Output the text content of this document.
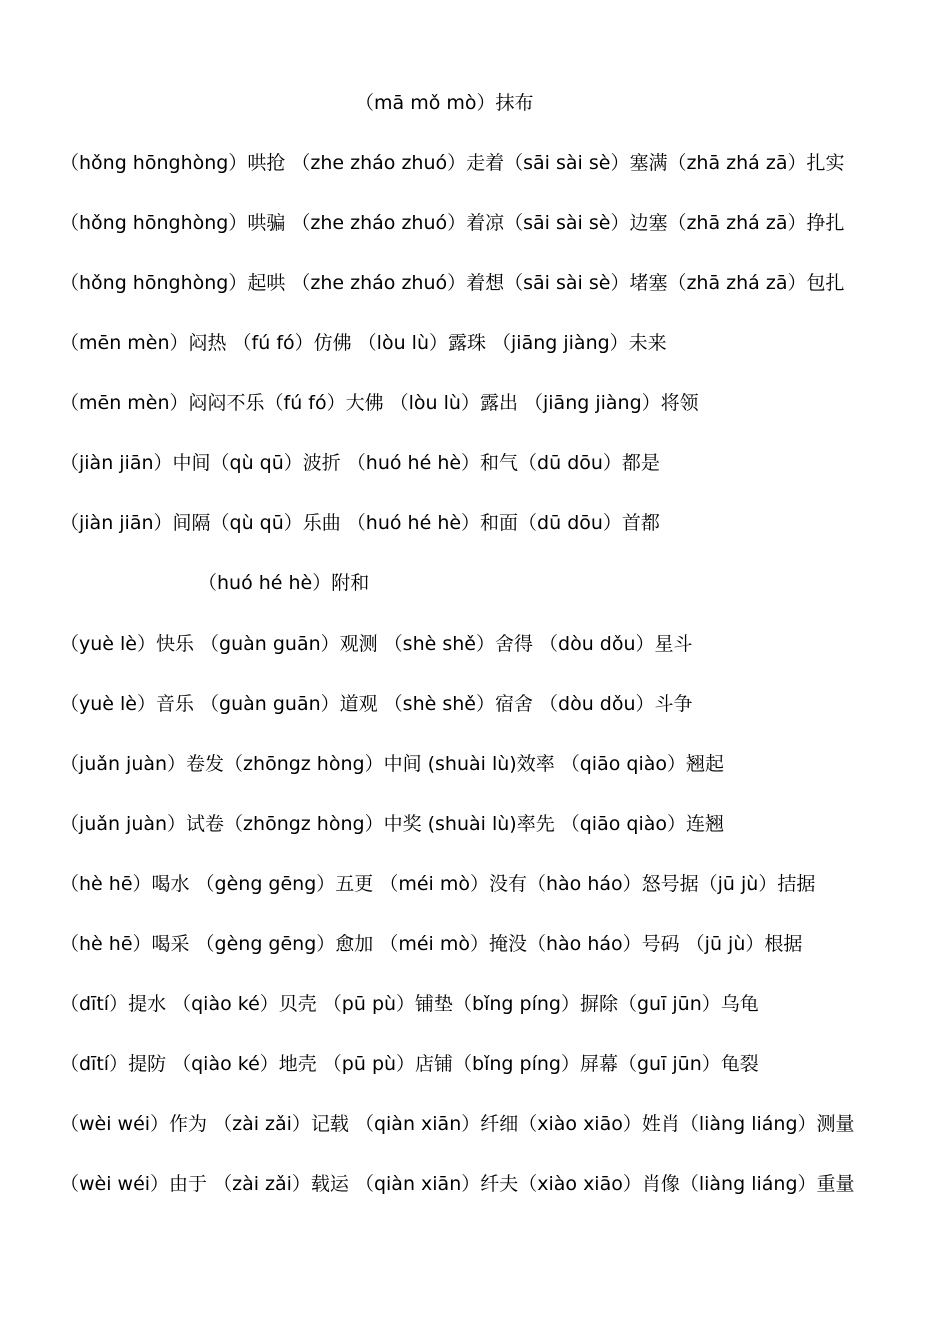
（mā mǒ mò）抹布
（hǒng hōnghòng）哄抢 （zhe zháo zhuó）走着（sāi sài sè）塞满（zhā zhá zā）扎实
（hǒng hōnghòng）哄骗 （zhe zháo zhuó）着凉（sāi sài sè）边塞（zhā zhá zā）挣扎
（hǒng hōnghòng）起哄 （zhe zháo zhuó）着想（sāi sài sè）堵塞（zhā zhá zā）包扎
（mēn mèn）闷热 （fú fó）仿佛 （lòu lù）露珠 （jiāng jiàng）未来
（mēn mèn）闷闷不乐（fú fó）大佛 （lòu lù）露出 （jiāng jiàng）将领
（jiàn jiān）中间（qù qū）波折 （huó hé hè）和气（dū dōu）都是
（jiàn jiān）间隔（qù qū）乐曲 （huó hé hè）和面（dū dōu）首都
（huó hé hè）附和
（yuè lè）快乐 （guàn guān）观测 （shè shě）舍得 （dòu dǒu）星斗
（yuè lè）音乐 （guàn guān）道观 （shè shě）宿舍 （dòu dǒu）斗争
（juǎn juàn）卷发（zhōngz hòng）中间 (shuài lù)效率 （qiāo qiào）翘起
（juǎn juàn）试卷（zhōngz hòng）中奖 (shuài lù)率先 （qiāo qiào）连翘
（hè hē）喝水 （gèng gēng）五更 （méi mò）没有（hào háo）怒号据（jū jù）拮据
（hè hē）喝采 （gèng gēng）愈加 （méi mò）掩没（hào háo）号码 （jū jù）根据
（dītí）提水 （qiào ké）贝壳 （pū pù）铺垫（bǐng píng）摒除（guī jūn）乌龟
（dītí）提防 （qiào ké）地壳 （pū pù）店铺（bǐng píng）屏幕（guī jūn）龟裂
（wèi wéi）作为 （zài zǎi）记载 （qiàn xiān）纤细（xiào xiāo）姓肖（liàng liáng）测量
（wèi wéi）由于 （zài zǎi）载运 （qiàn xiān）纤夫（xiào xiāo）肖像（liàng liáng）重量
